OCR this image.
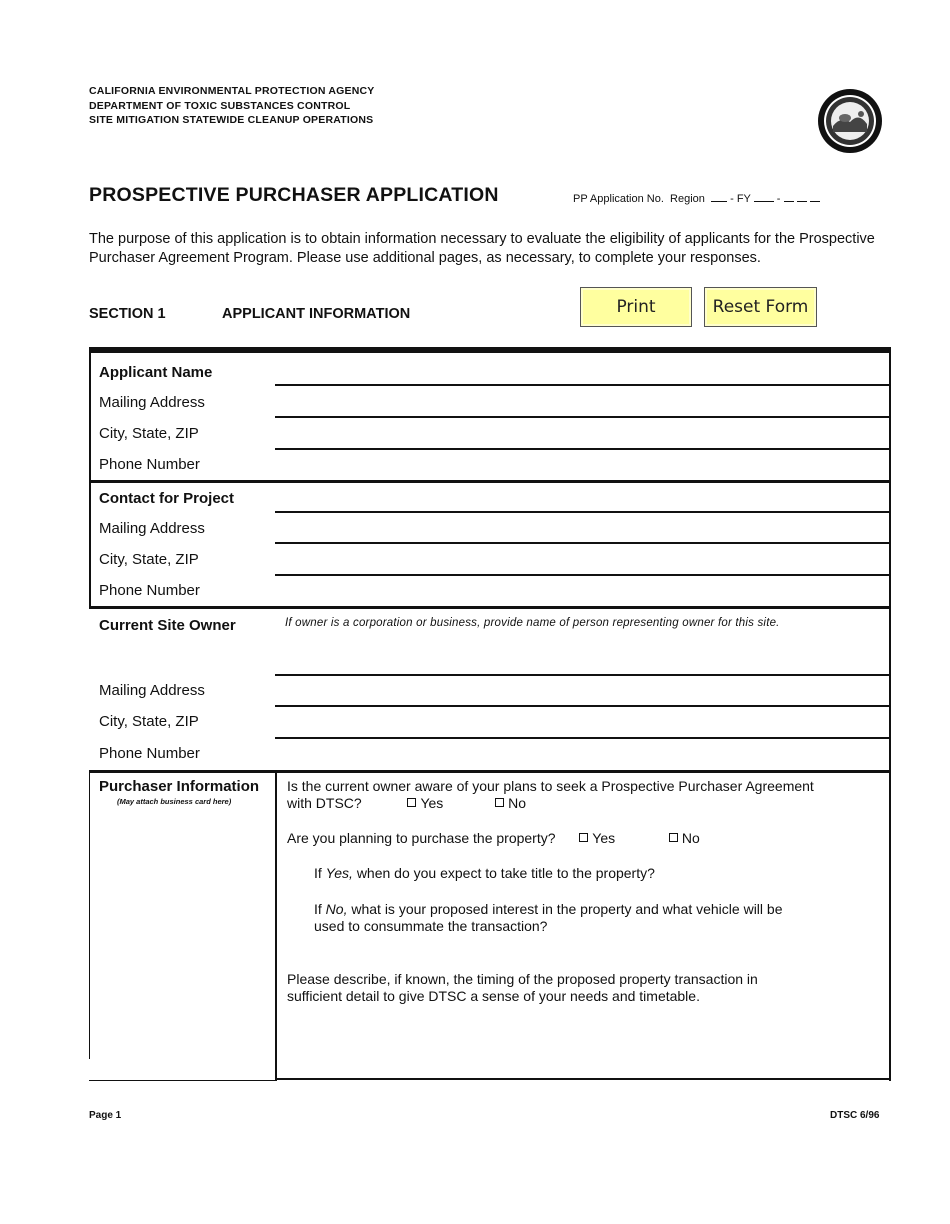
CALIFORNIA ENVIRONMENTAL PROTECTION AGENCY
DEPARTMENT OF TOXIC SUBSTANCES CONTROL
SITE MITIGATION STATEWIDE CLEANUP OPERATIONS
PROSPECTIVE PURCHASER APPLICATION	PP Application No. Region   - FY  -
The purpose of this application is to obtain information necessary to evaluate the eligibility of applicants for the Prospective Purchaser Agreement Program. Please use additional pages, as necessary, to complete your responses.
SECTION 1	APPLICANT INFORMATION	Print	Reset Form
Applicant Name
Mailing Address
City, State, ZIP
Phone Number
Contact for Project
Mailing Address
City, State, ZIP
Phone Number
Current Site Owner	If owner is a corporation or business, provide name of person representing owner for this site.
Mailing Address
City, State, ZIP
Phone Number
Purchaser Information
(May attach business card here)
Is the current owner aware of your plans to seek a Prospective Purchaser Agreement
with DTSC?	Yes	No
Are you planning to purchase the property?	Yes	No
If Yes, when do you expect to take title to the property?
If No, what is your proposed interest in the property and what vehicle will be
used to consummate the transaction?
Please describe, if known, the timing of the proposed property transaction in
sufficient detail to give DTSC a sense of your needs and timetable.
Page 1	DTSC 6/96
